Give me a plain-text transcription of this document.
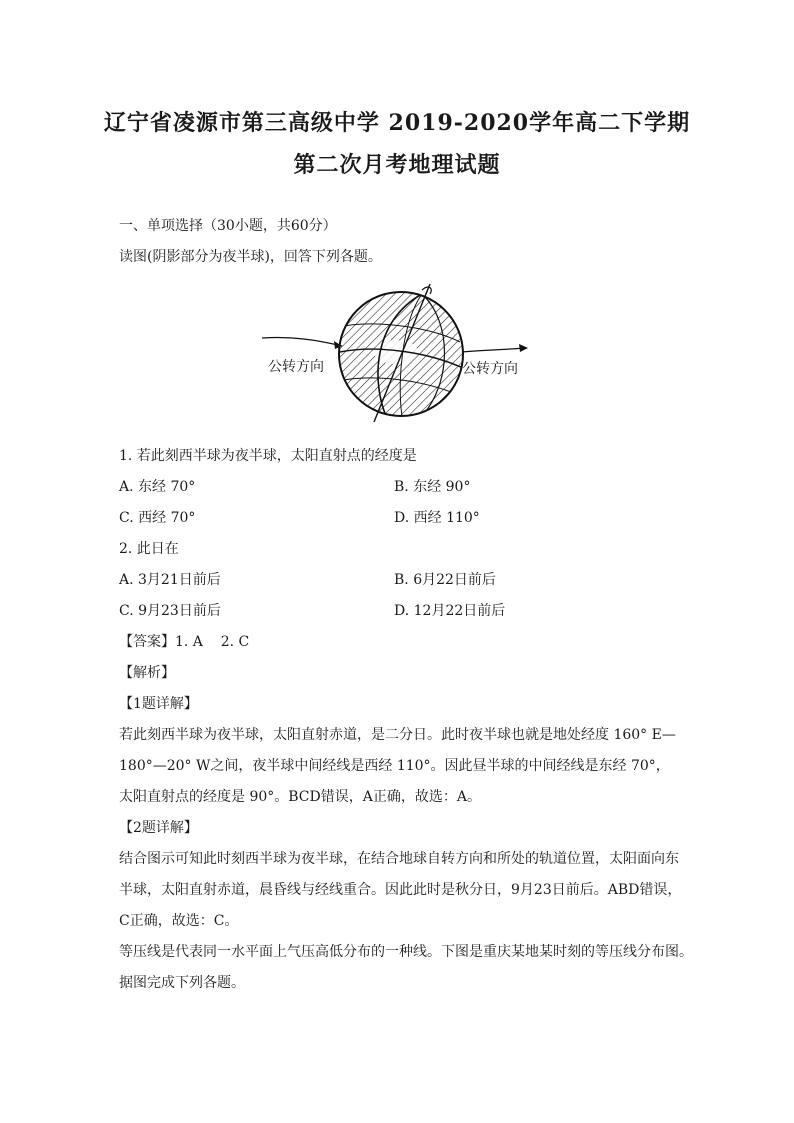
辽宁省凌源市第三高级中学 2019-2020学年高二下学期
第二次月考地理试题
一、单项选择（30小题，共60分）
读图(阴影部分为夜半球)，回答下列各题。
公转方向	公转方向
1. 若此刻西半球为夜半球，太阳直射点的经度是
A. 东经 70°	B. 东经 90°
C. 西经 70°	D. 西经 110°
2. 此日在
A. 3月21日前后	B. 6月22日前后
C. 9月23日前后	D. 12月22日前后
【答案】1. A    2. C
【解析】
【1题详解】
若此刻西半球为夜半球，太阳直射赤道，是二分日。此时夜半球也就是地处经度 160° E—
180°—20° W之间，夜半球中间经线是西经 110°。因此昼半球的中间经线是东经 70°，
太阳直射点的经度是 90°。BCD错误，A正确，故选：A。
【2题详解】
结合图示可知此时刻西半球为夜半球，在结合地球自转方向和所处的轨道位置，太阳面向东
半球，太阳直射赤道，晨昏线与经线重合。因此此时是秋分日，9月23日前后。ABD错误，
C正确，故选：C。
等压线是代表同一水平面上气压高低分布的一种线。下图是重庆某地某时刻的等压线分布图。
据图完成下列各题。
